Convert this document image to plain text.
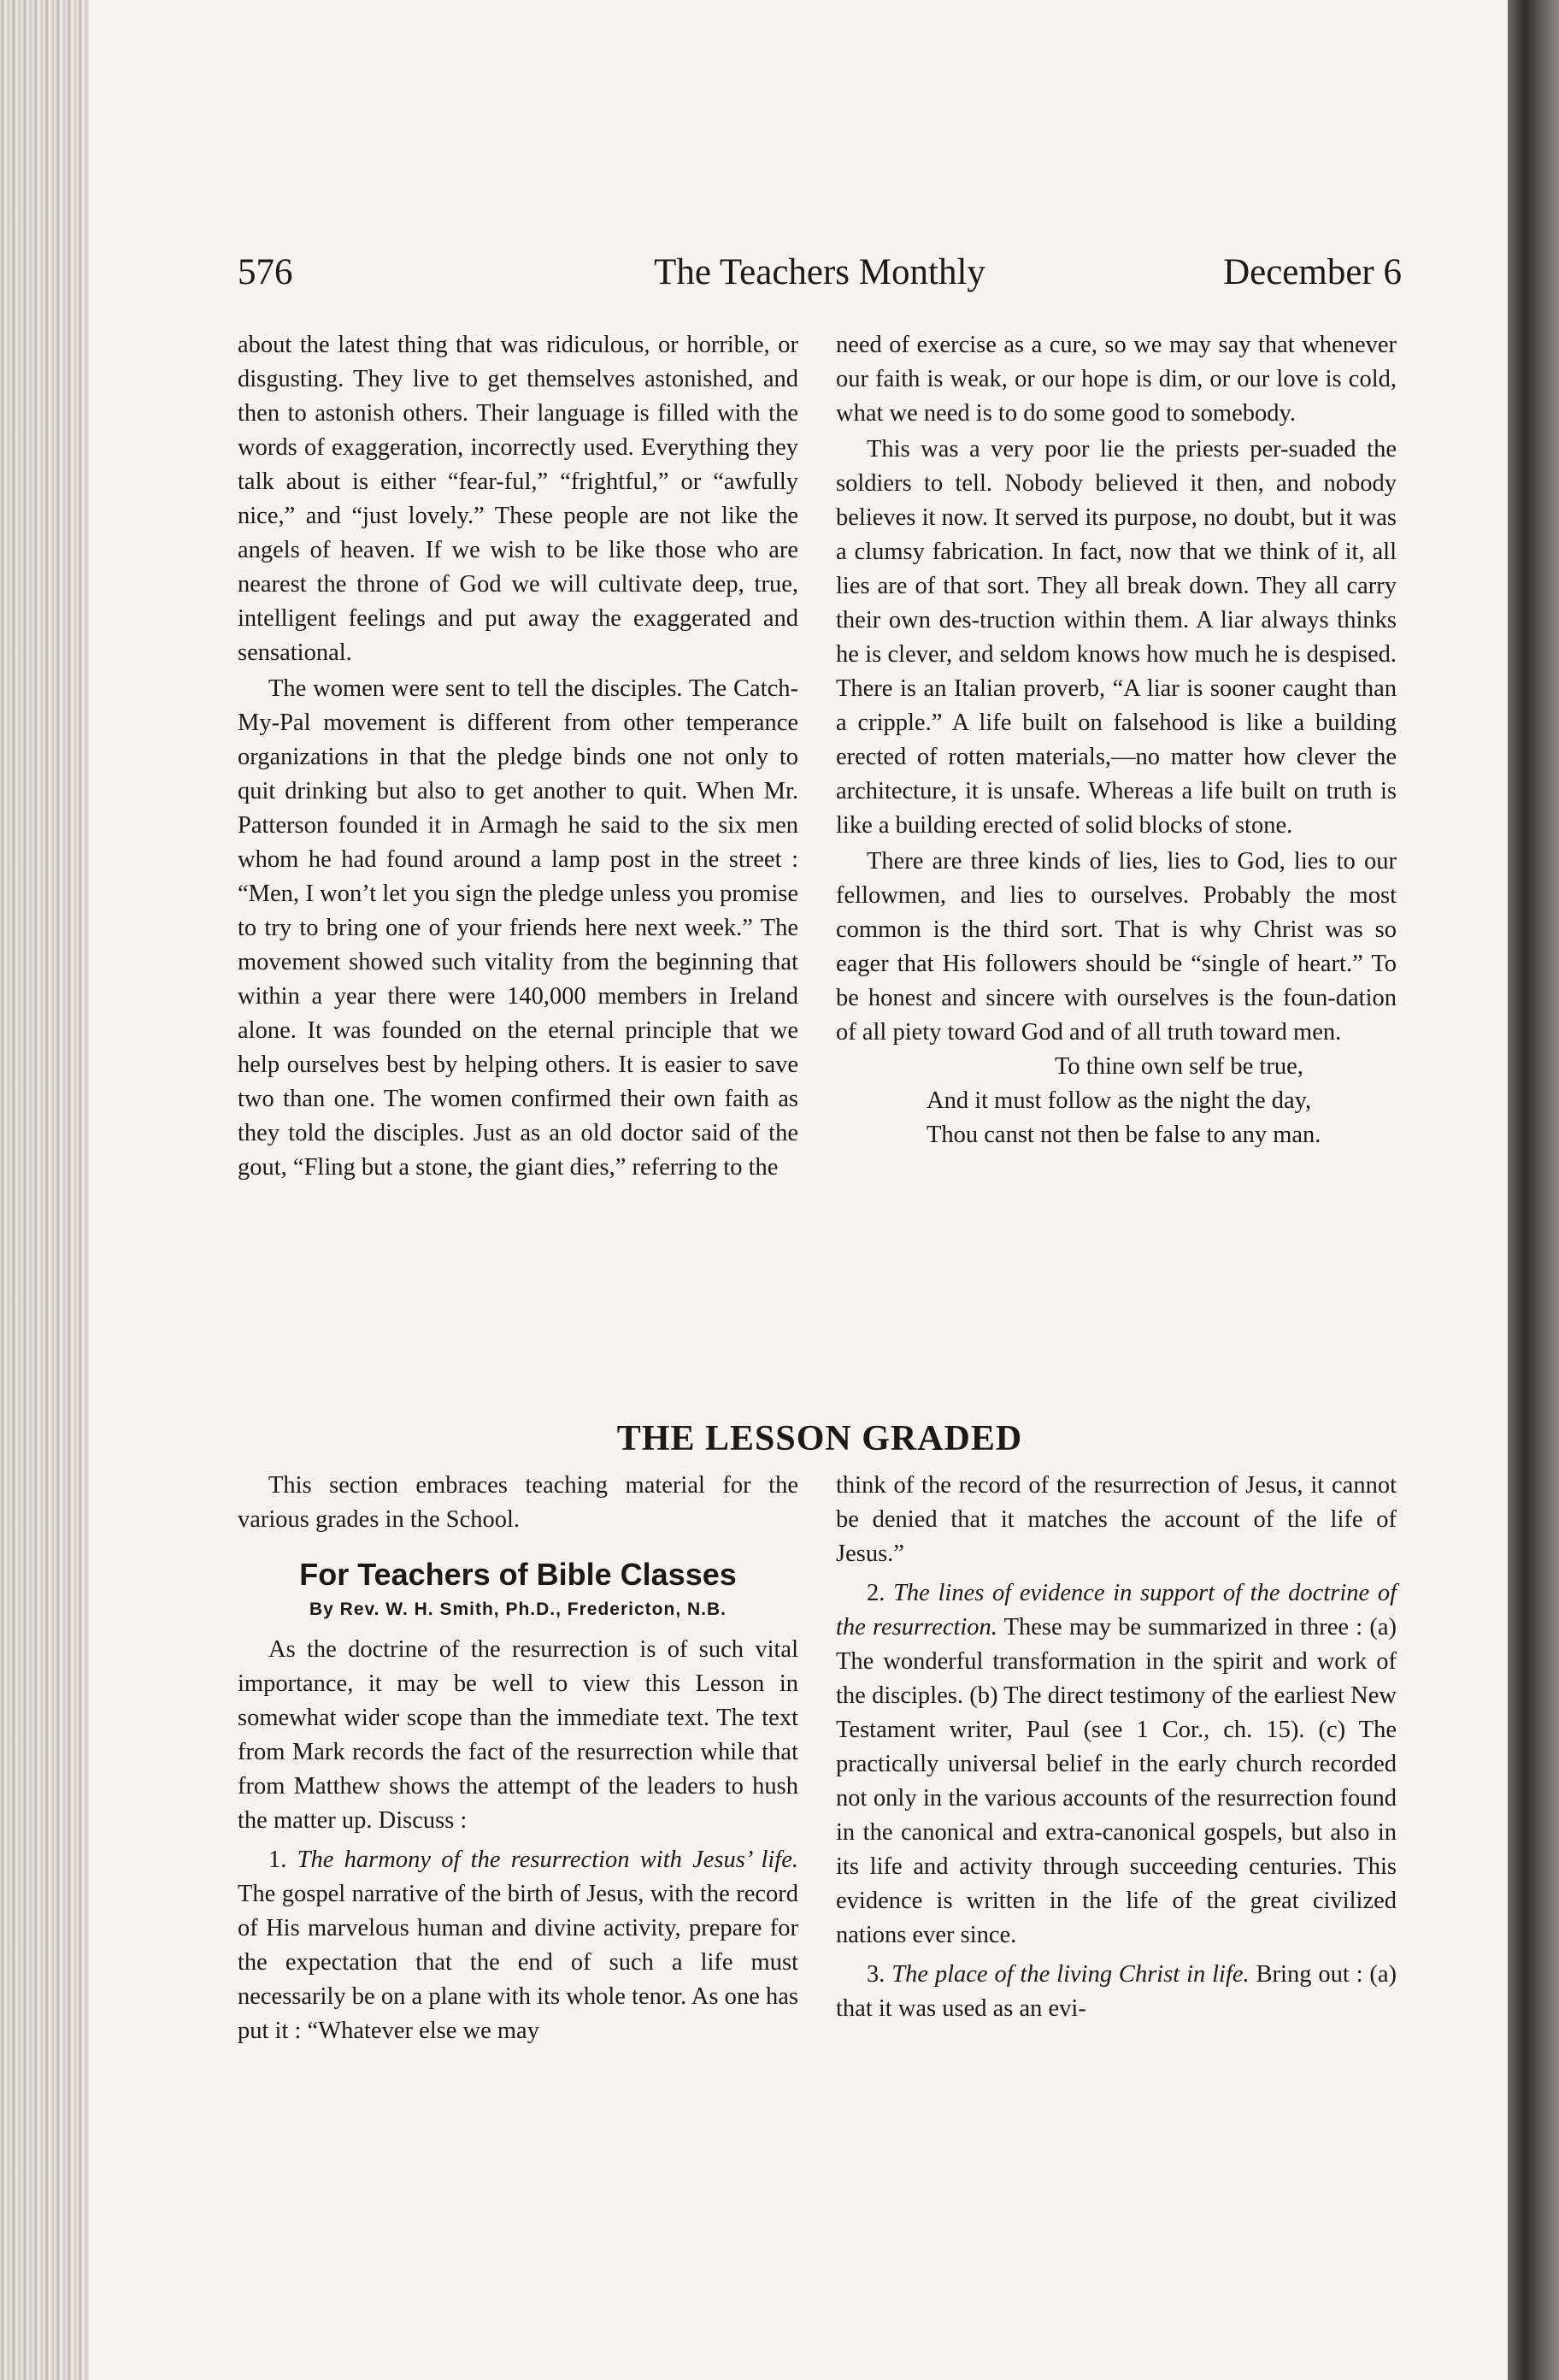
576	The Teachers Monthly	December 6

about the latest thing that was ridiculous, or horrible, or disgusting. They live to get themselves astonished, and then to astonish others. Their language is filled with the words of exaggeration, incorrectly used. Everything they talk about is either “fear-ful,” “frightful,” or “awfully nice,” and “just lovely.” These people are not like the angels of heaven. If we wish to be like those who are nearest the throne of God we will cultivate deep, true, intelligent feelings and put away the exaggerated and sensational.

The women were sent to tell the disciples. The Catch-My-Pal movement is different from other temperance organizations in that the pledge binds one not only to quit drinking but also to get another to quit. When Mr. Patterson founded it in Armagh he said to the six men whom he had found around a lamp post in the street : “Men, I won’t let you sign the pledge unless you promise to try to bring one of your friends here next week.” The movement showed such vitality from the beginning that within a year there were 140,000 members in Ireland alone. It was founded on the eternal principle that we help ourselves best by helping others. It is easier to save two than one. The women confirmed their own faith as they told the disciples. Just as an old doctor said of the gout, “Fling but a stone, the giant dies,” referring to the

need of exercise as a cure, so we may say that whenever our faith is weak, or our hope is dim, or our love is cold, what we need is to do some good to somebody.

This was a very poor lie the priests per-suaded the soldiers to tell. Nobody believed it then, and nobody believes it now. It served its purpose, no doubt, but it was a clumsy fabrication. In fact, now that we think of it, all lies are of that sort. They all break down. They all carry their own des-truction within them. A liar always thinks he is clever, and seldom knows how much he is despised. There is an Italian proverb, “A liar is sooner caught than a cripple.” A life built on falsehood is like a building erected of rotten materials,—no matter how clever the architecture, it is unsafe. Whereas a life built on truth is like a building erected of solid blocks of stone.

There are three kinds of lies, lies to God, lies to our fellowmen, and lies to ourselves. Probably the most common is the third sort. That is why Christ was so eager that His followers should be “single of heart.” To be honest and sincere with ourselves is the foun-dation of all piety toward God and of all truth toward men.

To thine own self be true,

And it must follow as the night the day,

Thou canst not then be false to any man.

THE LESSON GRADED

This section embraces teaching material for the various grades in the School.

For Teachers of Bible Classes
By Rev. W. H. Smith, Ph.D., Fredericton, N.B.

As the doctrine of the resurrection is of such vital importance, it may be well to view this Lesson in somewhat wider scope than the immediate text. The text from Mark records the fact of the resurrection while that from Matthew shows the attempt of the leaders to hush the matter up. Discuss :

1. The harmony of the resurrection with Jesus’ life. The gospel narrative of the birth of Jesus, with the record of His marvelous human and divine activity, prepare for the expectation that the end of such a life must necessarily be on a plane with its whole tenor. As one has put it : “Whatever else we may

think of the record of the resurrection of Jesus, it cannot be denied that it matches the account of the life of Jesus.”

2. The lines of evidence in support of the doctrine of the resurrection. These may be summarized in three : (a) The wonderful transformation in the spirit and work of the disciples. (b) The direct testimony of the earliest New Testament writer, Paul (see 1 Cor., ch. 15). (c) The practically universal belief in the early church recorded not only in the various accounts of the resurrection found in the canonical and extra-canonical gospels, but also in its life and activity through succeeding centuries. This evidence is written in the life of the great civilized nations ever since.

3. The place of the living Christ in life. Bring out : (a) that it was used as an evi-
